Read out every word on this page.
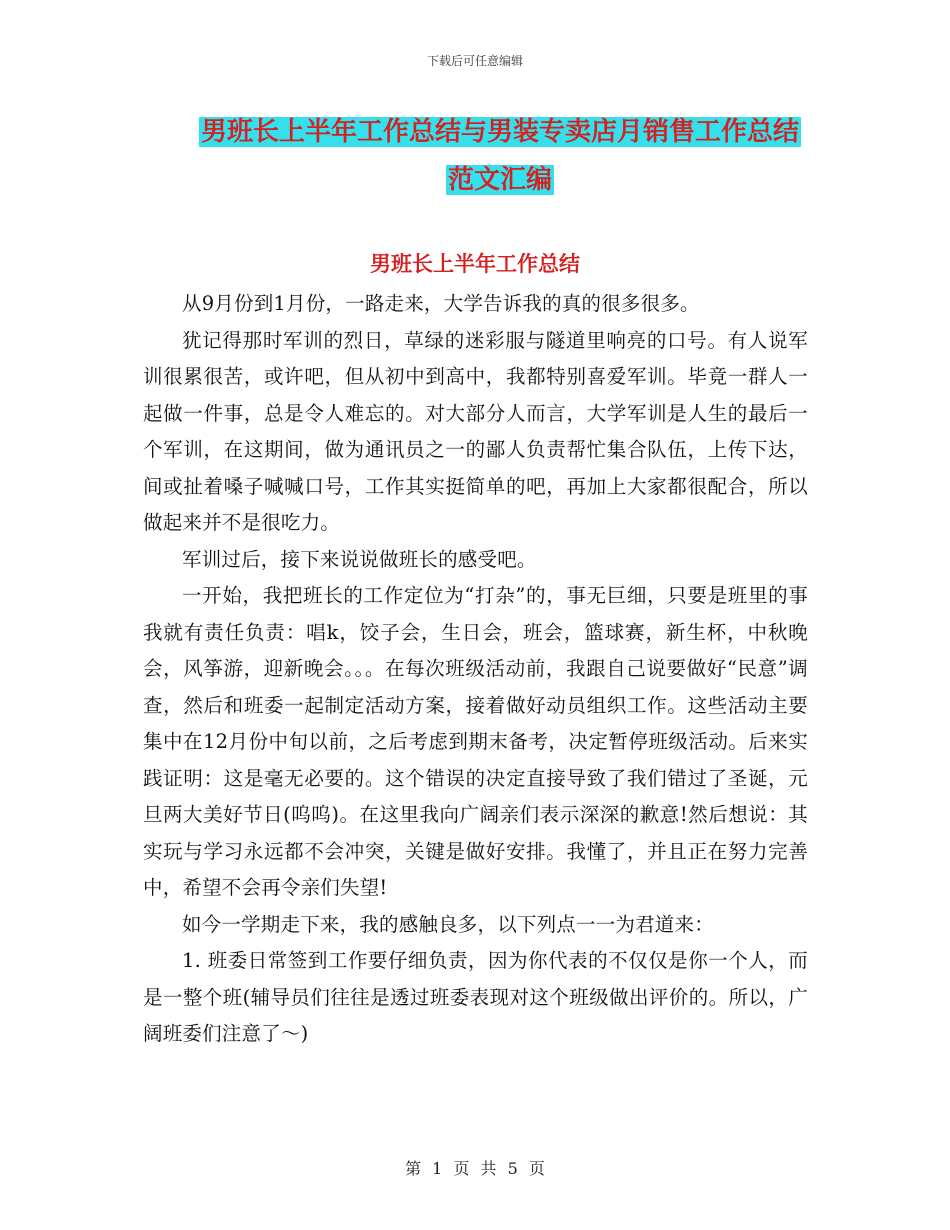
下载后可任意编辑
男班长上半年工作总结与男装专卖店月销售工作总结
范文汇编
男班长上半年工作总结

从9月份到1月份，一路走来，大学告诉我的真的很多很多。

犹记得那时军训的烈日，草绿的迷彩服与隧道里响亮的口号。有人说军训很累很苦，或许吧，但从初中到高中，我都特别喜爱军训。毕竟一群人一起做一件事，总是令人难忘的。对大部分人而言，大学军训是人生的最后一个军训，在这期间，做为通讯员之一的鄙人负责帮忙集合队伍，上传下达，间或扯着嗓子喊喊口号，工作其实挺简单的吧，再加上大家都很配合，所以做起来并不是很吃力。

军训过后，接下来说说做班长的感受吧。

一开始，我把班长的工作定位为“打杂”的，事无巨细，只要是班里的事我就有责任负责：唱k，饺子会，生日会，班会，篮球赛，新生杯，中秋晚会，风筝游，迎新晚会。。。在每次班级活动前，我跟自己说要做好“民意”调查，然后和班委一起制定活动方案，接着做好动员组织工作。这些活动主要集中在12月份中旬以前，之后考虑到期末备考，决定暂停班级活动。后来实践证明：这是毫无必要的。这个错误的决定直接导致了我们错过了圣诞，元旦两大美好节日(呜呜)。在这里我向广阔亲们表示深深的歉意!然后想说：其实玩与学习永远都不会冲突，关键是做好安排。我懂了，并且正在努力完善中，希望不会再令亲们失望!

如今一学期走下来，我的感触良多，以下列点一一为君道来：

1. 班委日常签到工作要仔细负责，因为你代表的不仅仅是你一个人，而是一整个班(辅导员们往往是透过班委表现对这个班级做出评价的。所以，广阔班委们注意了～)

第 1 页 共 5 页
